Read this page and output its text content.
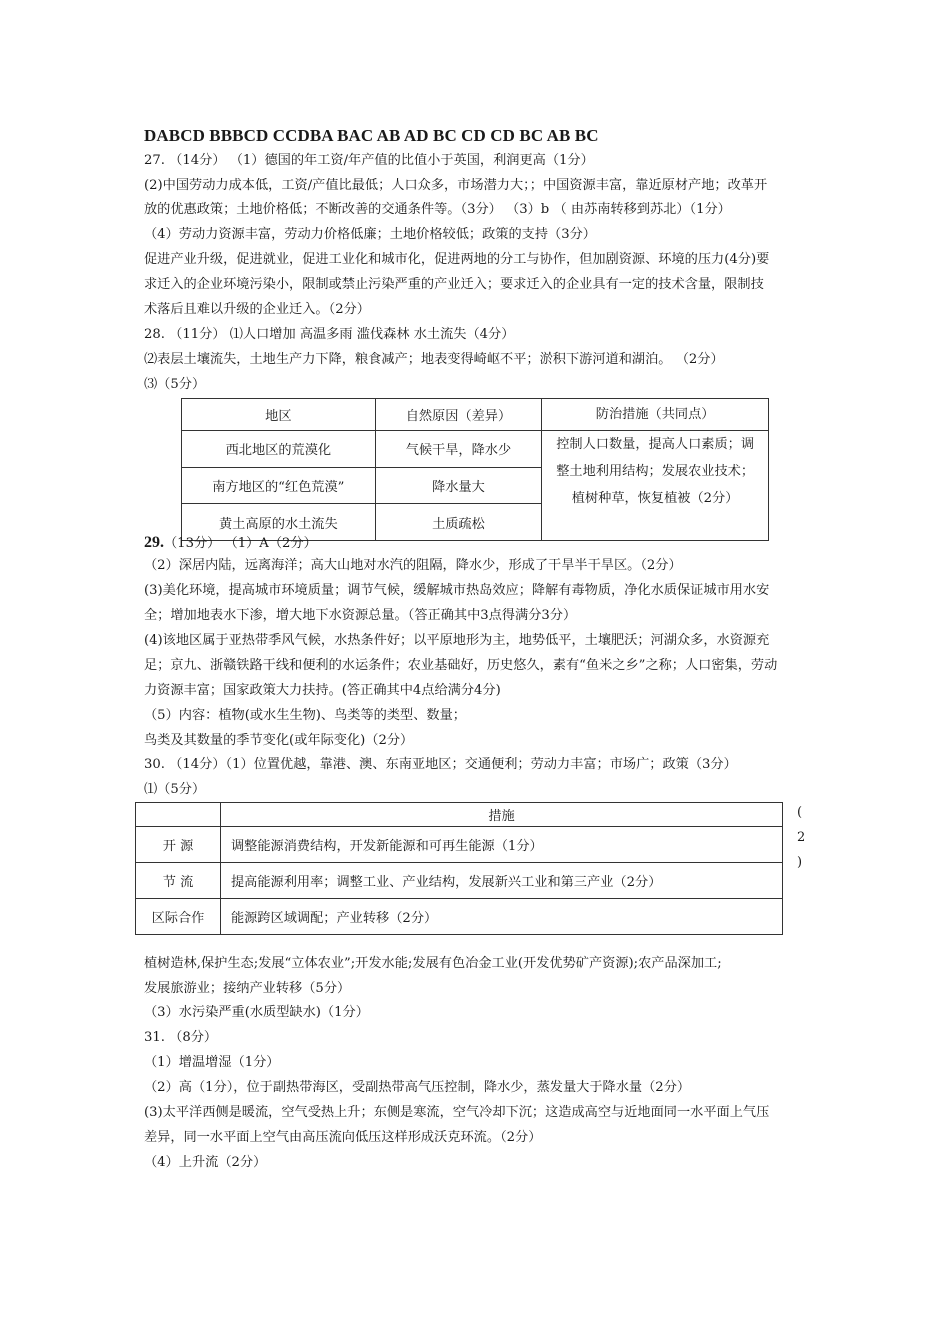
DABCD BBBCD CCDBA BAC AB AD BC CD CD BC AB BC
27. （14分） （1）德国的年工资/年产值的比值小于英国，利润更高（1分）
(2)中国劳动力成本低，工资/产值比最低；人口众多，市场潜力大；；中国资源丰富，靠近原材产地；改革开
放的优惠政策；土地价格低；不断改善的交通条件等。（3分） （3）b （ 由苏南转移到苏北）（1分）
（4）劳动力资源丰富，劳动力价格低廉；土地价格较低；政策的支持（3分）
促进产业升级，促进就业，促进工业化和城市化，促进两地的分工与协作，但加剧资源、环境的压力(4分)要
求迁入的企业环境污染小，限制或禁止污染严重的产业迁入；要求迁入的企业具有一定的技术含量，限制技
术落后且难以升级的企业迁入。（2分）
28. （11分） ⑴人口增加 高温多雨 滥伐森林 水土流失（4分）
⑵表层土壤流失，土地生产力下降，粮食减产；地表变得崎岖不平；淤积下游河道和湖泊。 （2分）
⑶（5分）
地区	自然原因（差异）	防治措施（共同点）
西北地区的荒漠化	气候干旱，降水少	控制人口数量，提高人口素质；调
整土地利用结构；发展农业技术；
植树种草，恢复植被（2分）

南方地区的“红色荒漠”	降水量大	
黄土高原的水土流失	土质疏松	
29.（13分） （1）A（2分）
（2）深居内陆，远离海洋；高大山地对水汽的阻隔，降水少，形成了干旱半干旱区。（2分）
(3)美化环境，提高城市环境质量；调节气候，缓解城市热岛效应；降解有毒物质，净化水质保证城市用水安
全；增加地表水下渗，增大地下水资源总量。（答正确其中3点得满分3分）
(4)该地区属于亚热带季风气候，水热条件好；以平原地形为主，地势低平，土壤肥沃；河湖众多，水资源充
足；京九、浙赣铁路干线和便利的水运条件；农业基础好，历史悠久，素有“鱼米之乡”之称；人口密集，劳动
力资源丰富；国家政策大力扶持。(答正确其中4点给满分4分)
（5）内容：植物(或水生生物)、鸟类等的类型、数量；
鸟类及其数量的季节变化(或年际变化)（2分）
30. （14分）（1）位置优越，靠港、澳、东南亚地区；交通便利；劳动力丰富；市场广；政策（3分）
⑴（5分）
	措施
开 源	调整能源消费结构，开发新能源和可再生能源（1分）
节 流	提高能源利用率；调整工业、产业结构，发展新兴工业和第三产业（2分）
区际合作	能源跨区域调配；产业转移（2分）
(
2
)
植树造林,保护生态;发展“立体农业”;开发水能;发展有色冶金工业(开发优势矿产资源);农产品深加工;
发展旅游业；接纳产业转移（5分）
（3）水污染严重(水质型缺水)（1分）
31. （8分）
（1）增温增湿（1分）
（2）高（1分），位于副热带海区，受副热带高气压控制，降水少，蒸发量大于降水量（2分）
(3)太平洋西侧是暖流，空气受热上升；东侧是寒流，空气冷却下沉；这造成高空与近地面同一水平面上气压
差异，同一水平面上空气由高压流向低压这样形成沃克环流。（2分）
（4）上升流（2分）
